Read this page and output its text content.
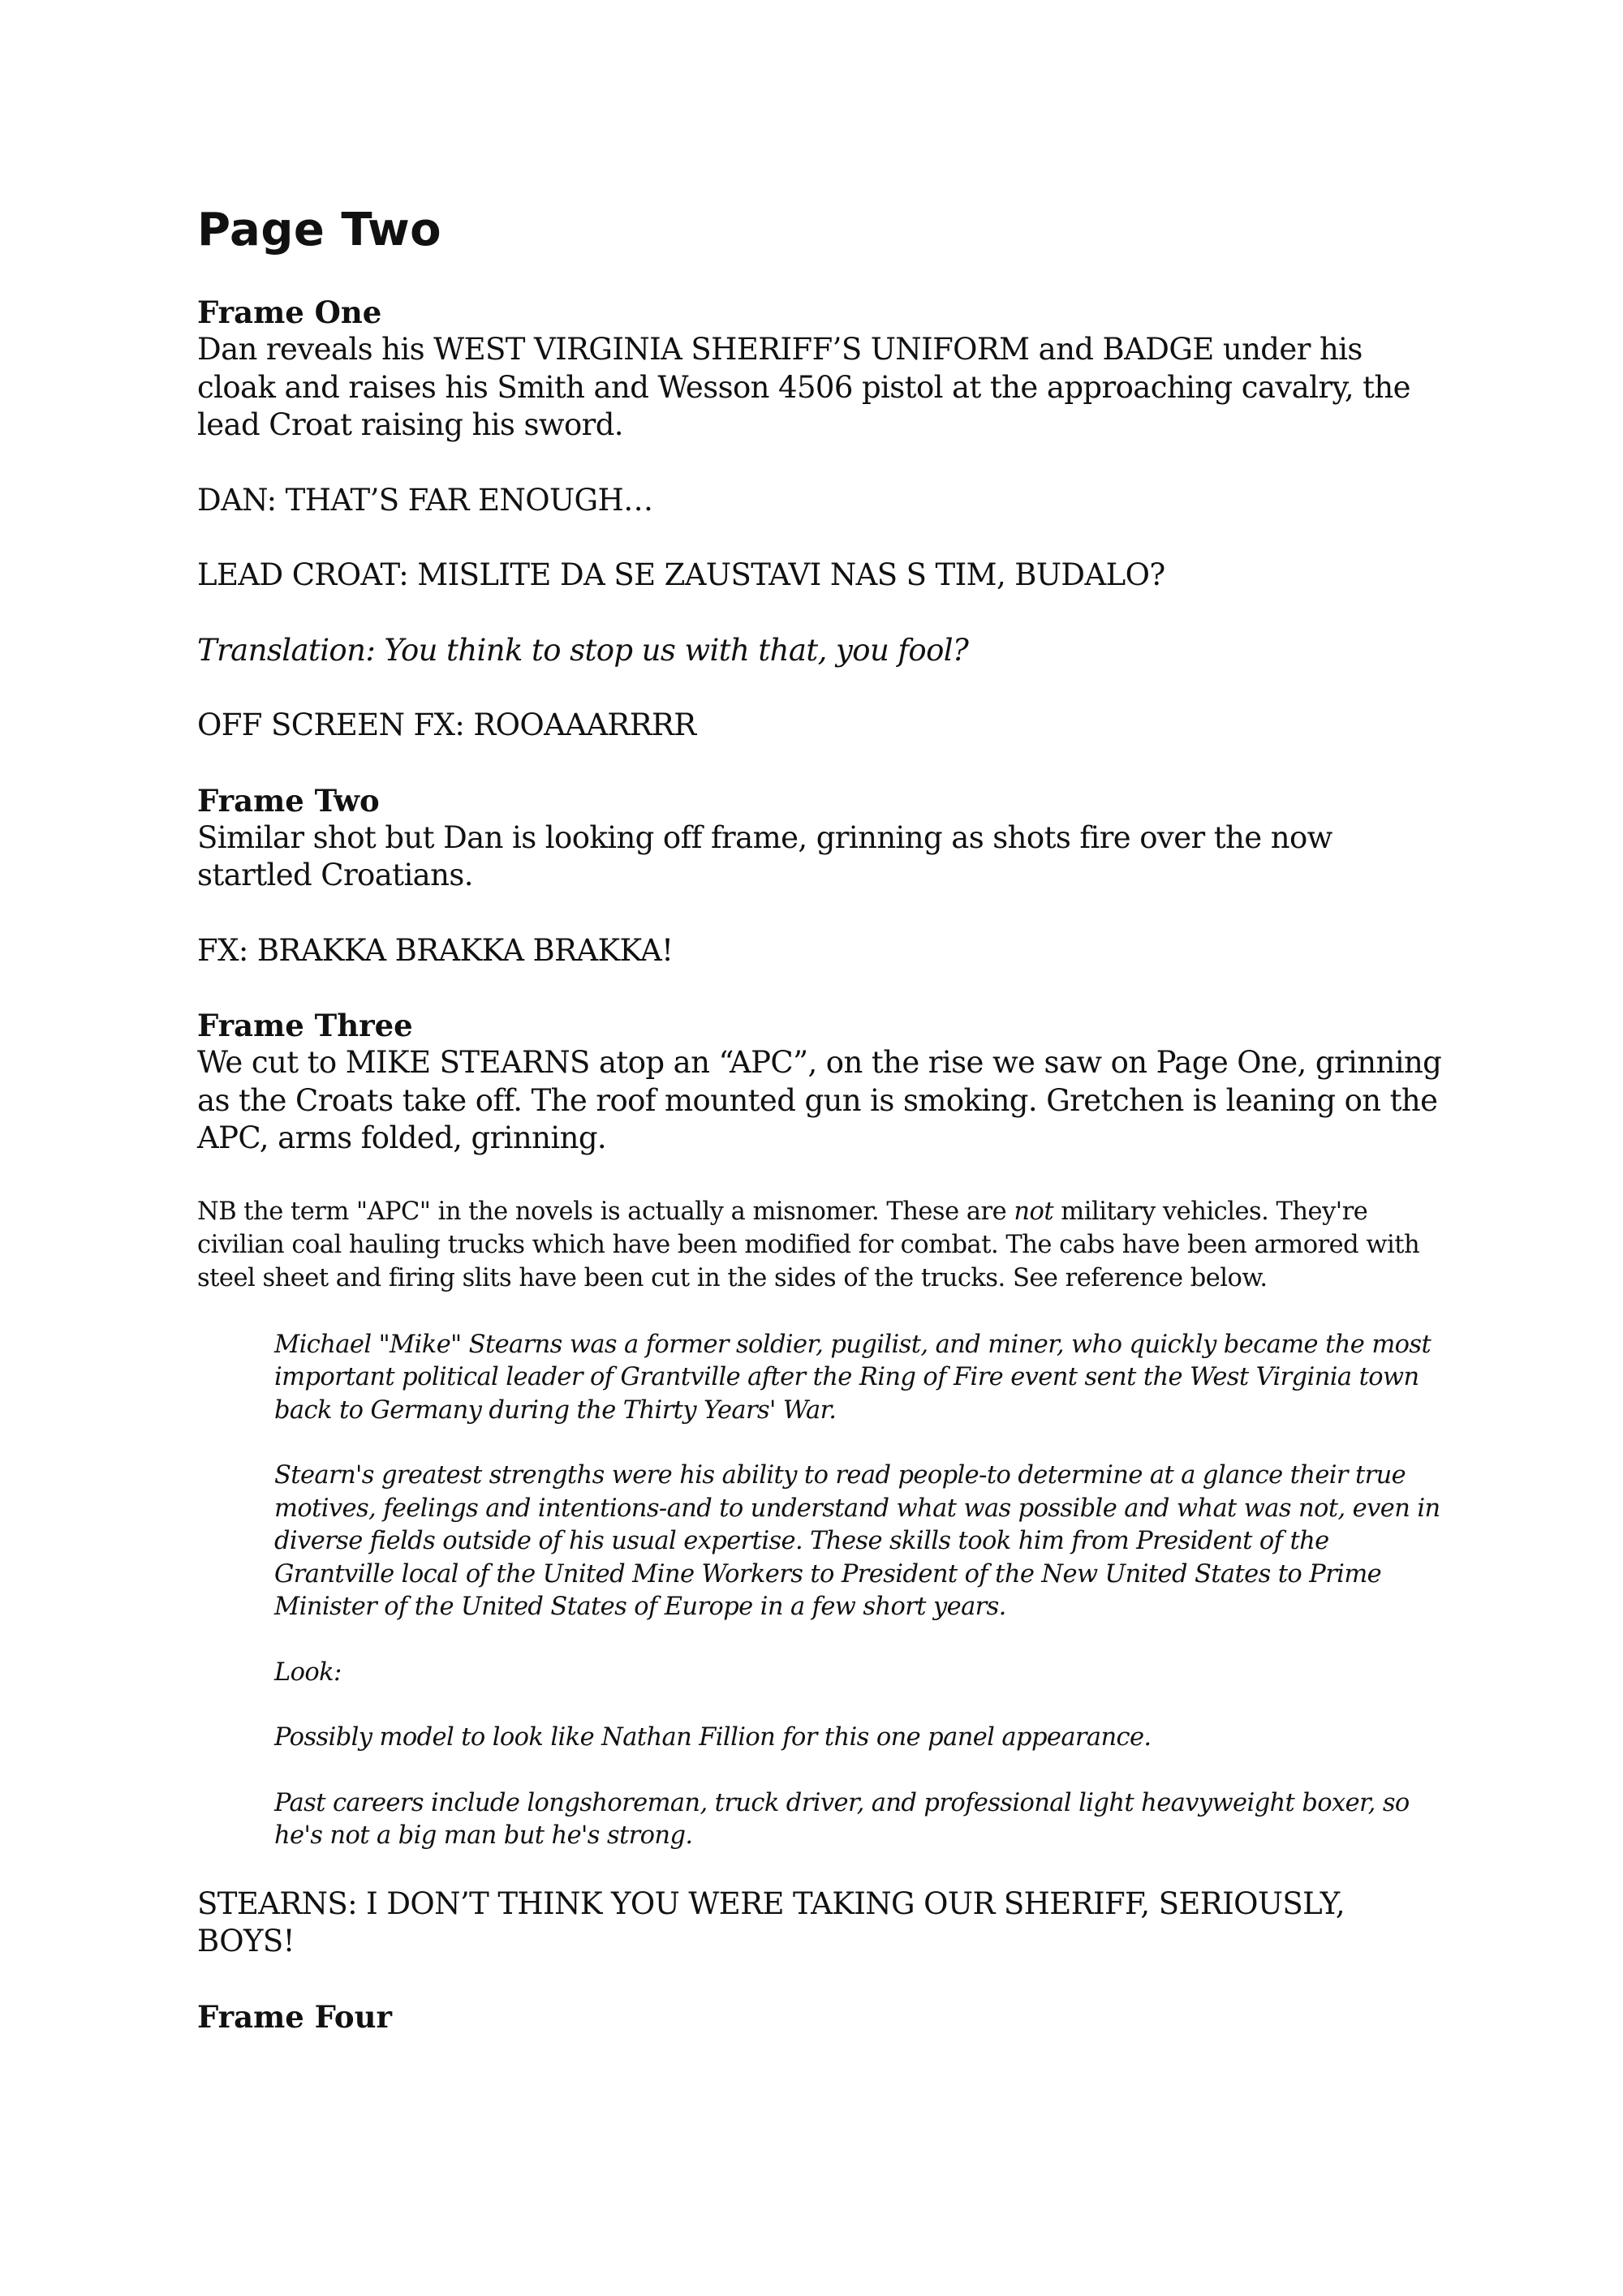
Page Two
Frame One

Dan reveals his WEST VIRGINIA SHERIFF’S UNIFORM and BADGE under his cloak and raises his Smith and Wesson 4506 pistol at the approaching cavalry, the lead Croat raising his sword.

DAN: THAT’S FAR ENOUGH…

LEAD CROAT: MISLITE DA SE ZAUSTAVI NAS S TIM, BUDALO?

Translation: You think to stop us with that, you fool?

OFF SCREEN FX: ROOAAARRRR

Frame Two

Similar shot but Dan is looking off frame, grinning as shots fire over the now startled Croatians.

FX: BRAKKA BRAKKA BRAKKA!

Frame Three

We cut to MIKE STEARNS atop an “APC”, on the rise we saw on Page One, grinning as the Croats take off. The roof mounted gun is smoking. Gretchen is leaning on the APC, arms folded, grinning.

NB the term "APC" in the novels is actually a misnomer. These are not military vehicles. They're civilian coal hauling trucks which have been modified for combat. The cabs have been armored with steel sheet and firing slits have been cut in the sides of the trucks. See reference below.

Michael "Mike" Stearns was a former soldier, pugilist, and miner, who quickly became the most important political leader of Grantville after the Ring of Fire event sent the West Virginia town back to Germany during the Thirty Years' War.

Stearn's greatest strengths were his ability to read people-to determine at a glance their true motives, feelings and intentions-and to understand what was possible and what was not, even in diverse fields outside of his usual expertise. These skills took him from President of the Grantville local of the United Mine Workers to President of the New United States to Prime Minister of the United States of Europe in a few short years.

Look:

Possibly model to look like Nathan Fillion for this one panel appearance.

Past careers include longshoreman, truck driver, and professional light heavyweight boxer, so he's not a big man but he's strong.

STEARNS: I DON’T THINK YOU WERE TAKING OUR SHERIFF, SERIOUSLY, BOYS!

Frame Four
